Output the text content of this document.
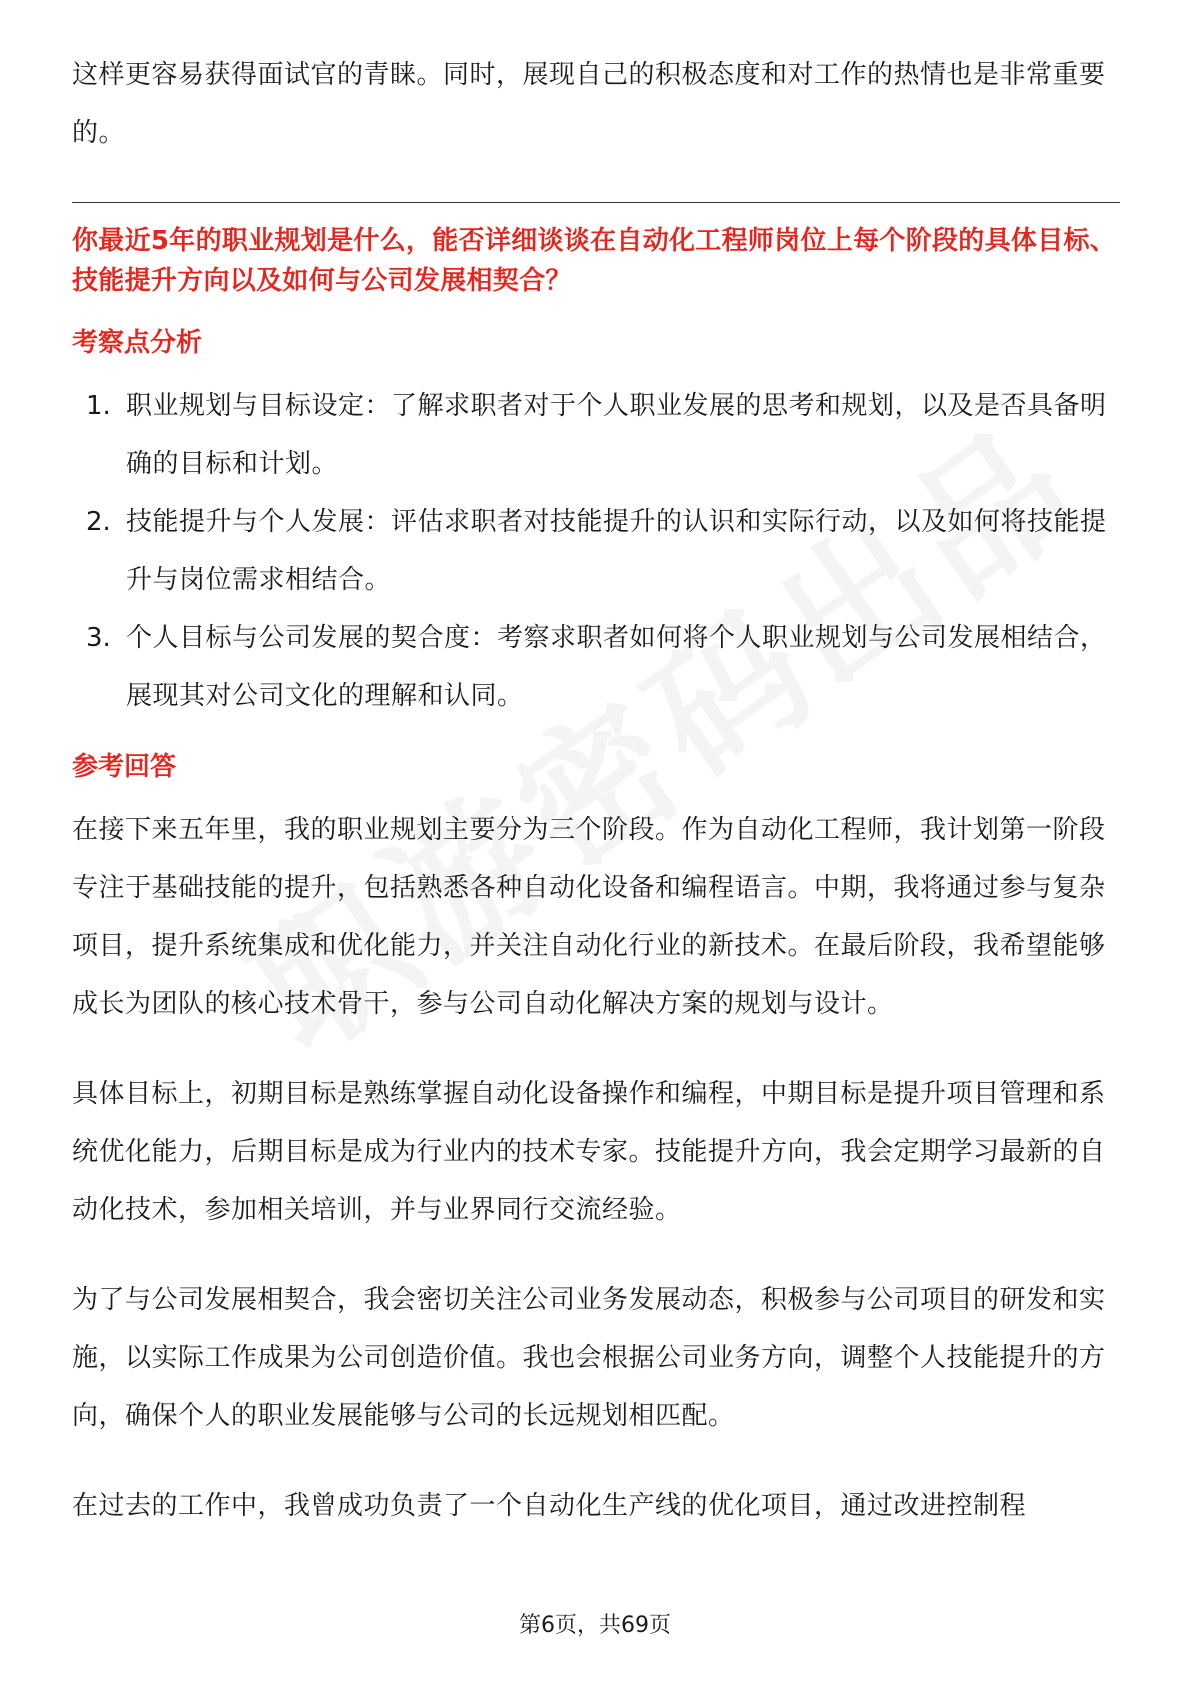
这样更容易获得面试官的青睐。同时，展现自己的积极态度和对工作的热情也是非常重要的。

你最近5年的职业规划是什么，能否详细谈谈在自动化工程师岗位上每个阶段的具体目标、技能提升方向以及如何与公司发展相契合？

考察点分析
1. 职业规划与目标设定：了解求职者对于个人职业发展的思考和规划，以及是否具备明确的目标和计划。

2. 技能提升与个人发展：评估求职者对技能提升的认识和实际行动，以及如何将技能提升与岗位需求相结合。

3. 个人目标与公司发展的契合度：考察求职者如何将个人职业规划与公司发展相结合，展现其对公司文化的理解和认同。

参考回答

在接下来五年里，我的职业规划主要分为三个阶段。作为自动化工程师，我计划第一阶段专注于基础技能的提升，包括熟悉各种自动化设备和编程语言。中期，我将通过参与复杂项目，提升系统集成和优化能力，并关注自动化行业的新技术。在最后阶段，我希望能够成长为团队的核心技术骨干，参与公司自动化解决方案的规划与设计。

具体目标上，初期目标是熟练掌握自动化设备操作和编程，中期目标是提升项目管理和系统优化能力，后期目标是成为行业内的技术专家。技能提升方向，我会定期学习最新的自动化技术，参加相关培训，并与业界同行交流经验。

为了与公司发展相契合，我会密切关注公司业务发展动态，积极参与公司项目的研发和实施，以实际工作成果为公司创造价值。我也会根据公司业务方向，调整个人技能提升的方向，确保个人的职业发展能够与公司的长远规划相匹配。

在过去的工作中，我曾成功负责了一个自动化生产线的优化项目，通过改进控制程

第6页，共69页
